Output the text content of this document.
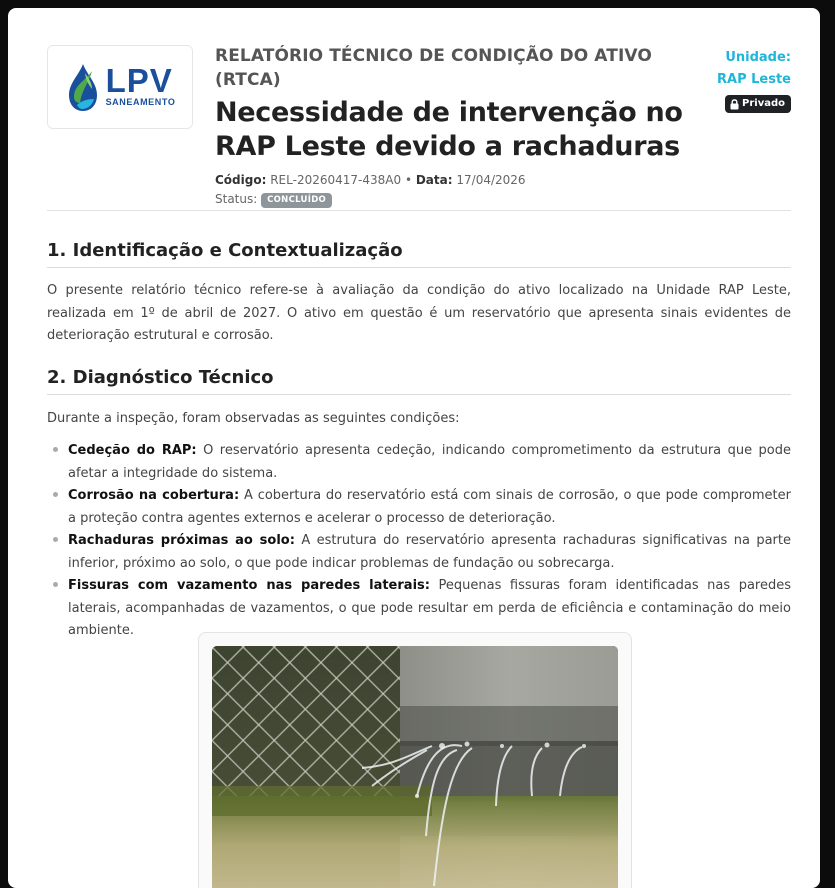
LPV
SANEAMENTO
RELATÓRIO TÉCNICO DE CONDIÇÃO DO ATIVO (RTCA)
Necessidade de intervenção no RAP Leste devido a rachaduras
Código: REL-20260417-438A0 • Data: 17/04/2026
Status: CONCLUÍDO
Unidade:
RAP Leste
Privado
1. Identificação e Contextualização

O presente relatório técnico refere-se à avaliação da condição do ativo localizado na Unidade RAP Leste, realizada em 1º de abril de 2027. O ativo em questão é um reservatório que apresenta sinais evidentes de deterioração estrutural e corrosão.

2. Diagnóstico Técnico

Durante a inspeção, foram observadas as seguintes condições:

Cedeção do RAP: O reservatório apresenta cedeção, indicando comprometimento da estrutura que pode afetar a integridade do sistema.
Corrosão na cobertura: A cobertura do reservatório está com sinais de corrosão, o que pode comprometer a proteção contra agentes externos e acelerar o processo de deterioração.
Rachaduras próximas ao solo: A estrutura do reservatório apresenta rachaduras significativas na parte inferior, próximo ao solo, o que pode indicar problemas de fundação ou sobrecarga.
Fissuras com vazamento nas paredes laterais: Pequenas fissuras foram identificadas nas paredes laterais, acompanhadas de vazamentos, o que pode resultar em perda de eficiência e contaminação do meio ambiente.
